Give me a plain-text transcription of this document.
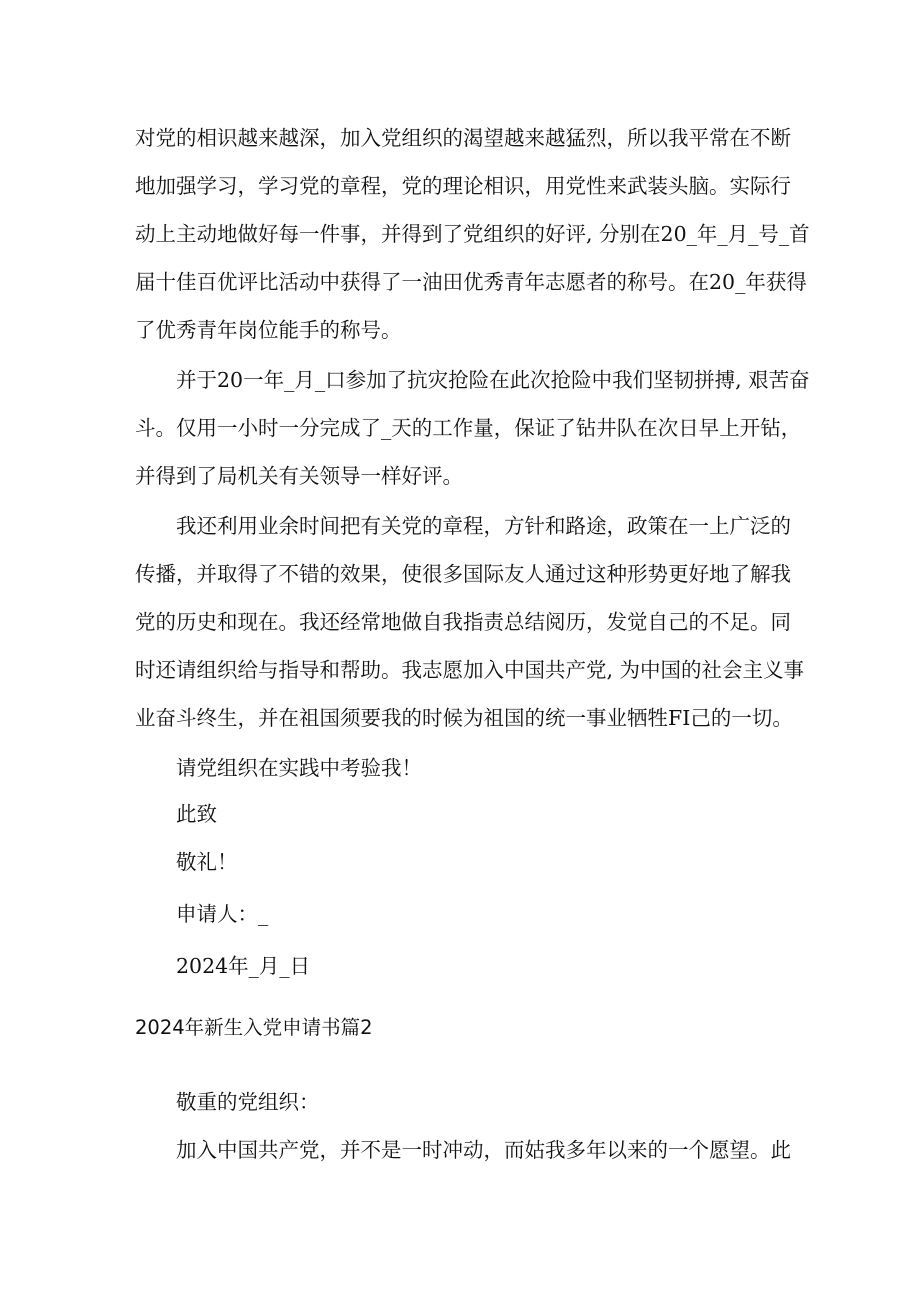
对党的相识越来越深，加入党组织的渴望越来越猛烈，所以我平常在不断
地加强学习，学习党的章程，党的理论相识，用党性来武装头脑。实际行
动上主动地做好每一件事，并得到了党组织的好评, 分别在20_年_月_号_首
届十佳百优评比活动中获得了一油田优秀青年志愿者的称号。在20_年获得
了优秀青年岗位能手的称号。
并于20一年_月_口参加了抗灾抢险在此次抢险中我们坚韧拼搏, 艰苦奋
斗。仅用一小时一分完成了_天的工作量，保证了钻井队在次日早上开钻，
并得到了局机关有关领导一样好评。
我还利用业余时间把有关党的章程，方针和路途，政策在一上广泛的
传播，并取得了不错的效果，使很多国际友人通过这种形势更好地了解我
党的历史和现在。我还经常地做自我指责总结阅历，发觉自己的不足。同
时还请组织给与指导和帮助。我志愿加入中国共产党, 为中国的社会主义事
业奋斗终生，并在祖国须要我的时候为祖国的统一事业牺牲FI己的一切。
请党组织在实践中考验我！
此致
敬礼！
申请人：_
2024年_月_日
2024年新生入党申请书篇2
敬重的党组织：
加入中国共产党，并不是一时冲动，而姑我多年以来的一个愿望。此
